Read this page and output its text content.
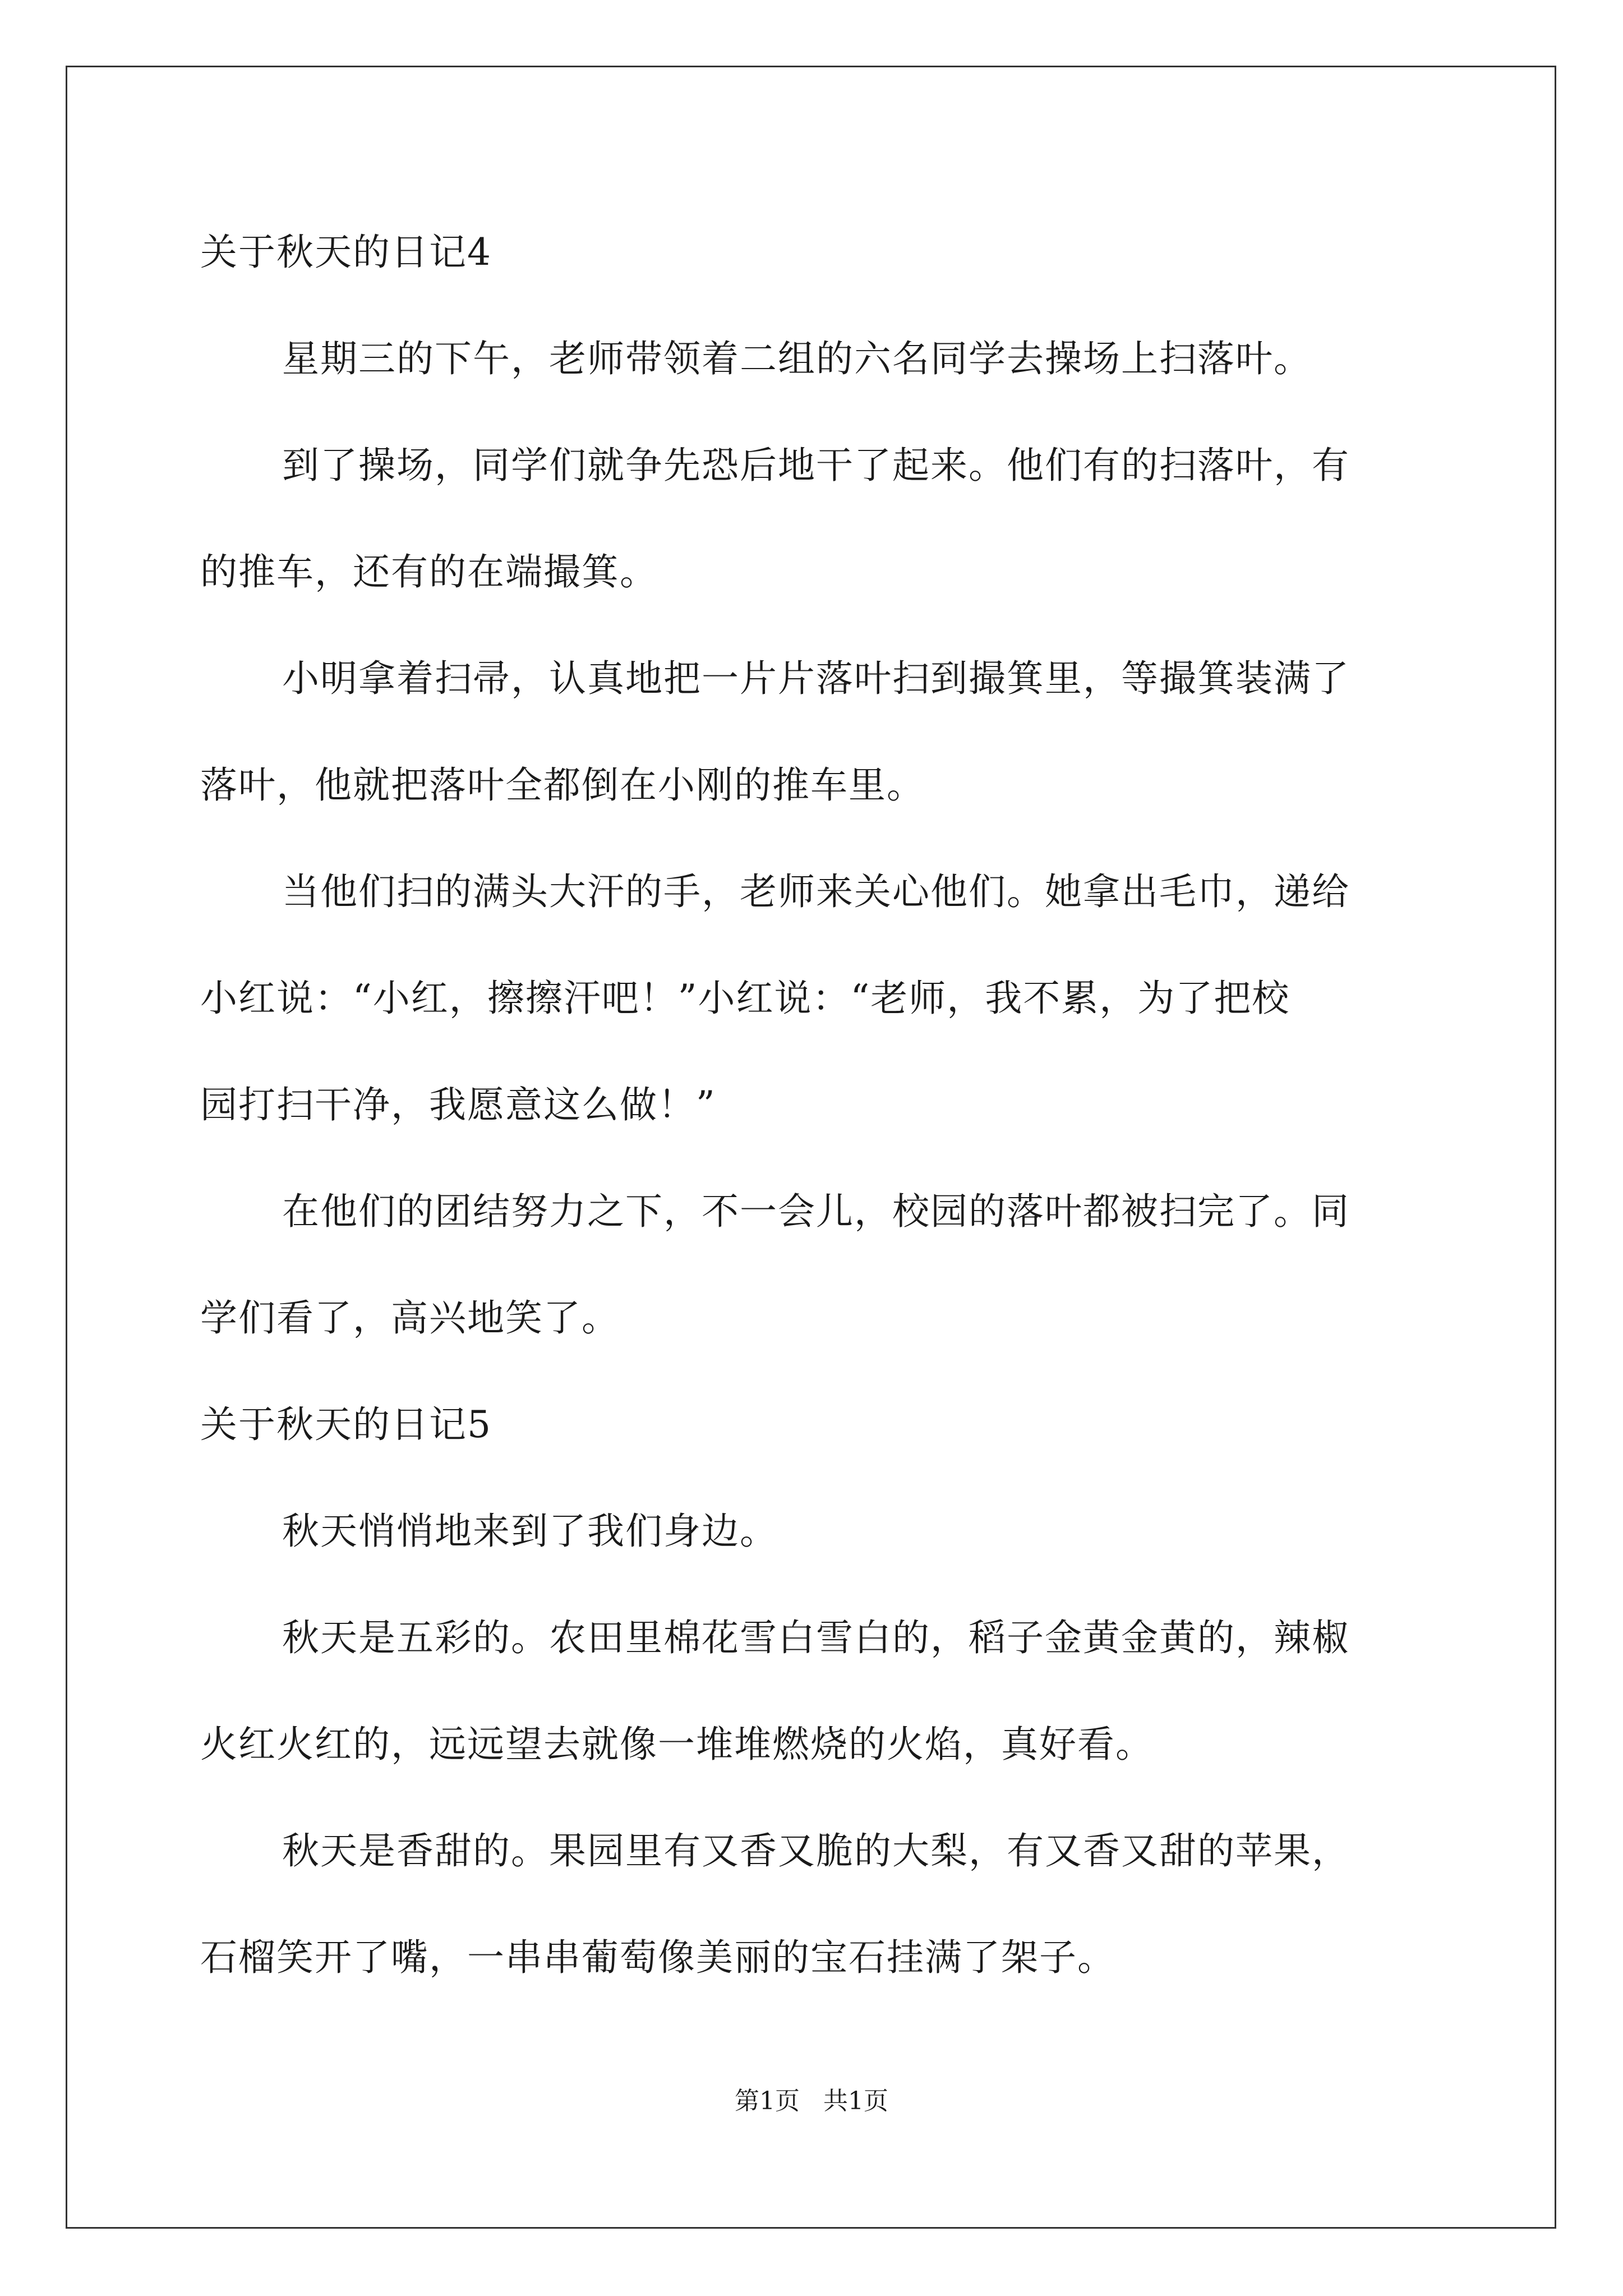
关于秋天的日记4
星期三的下午，老师带领着二组的六名同学去操场上扫落叶。
到了操场，同学们就争先恐后地干了起来。他们有的扫落叶，有
的推车，还有的在端撮箕。
小明拿着扫帚，认真地把一片片落叶扫到撮箕里，等撮箕装满了
落叶，他就把落叶全都倒在小刚的推车里。
当他们扫的满头大汗的手，老师来关心他们。她拿出毛巾，递给
小红说：“小红，擦擦汗吧！”小红说：“老师，我不累，为了把校
园打扫干净，我愿意这么做！”
在他们的团结努力之下，不一会儿，校园的落叶都被扫完了。同
学们看了，高兴地笑了。
关于秋天的日记5
秋天悄悄地来到了我们身边。
秋天是五彩的。农田里棉花雪白雪白的，稻子金黄金黄的，辣椒
火红火红的，远远望去就像一堆堆燃烧的火焰，真好看。
秋天是香甜的。果园里有又香又脆的大梨，有又香又甜的苹果，
石榴笑开了嘴，一串串葡萄像美丽的宝石挂满了架子。
第1页   共1页
